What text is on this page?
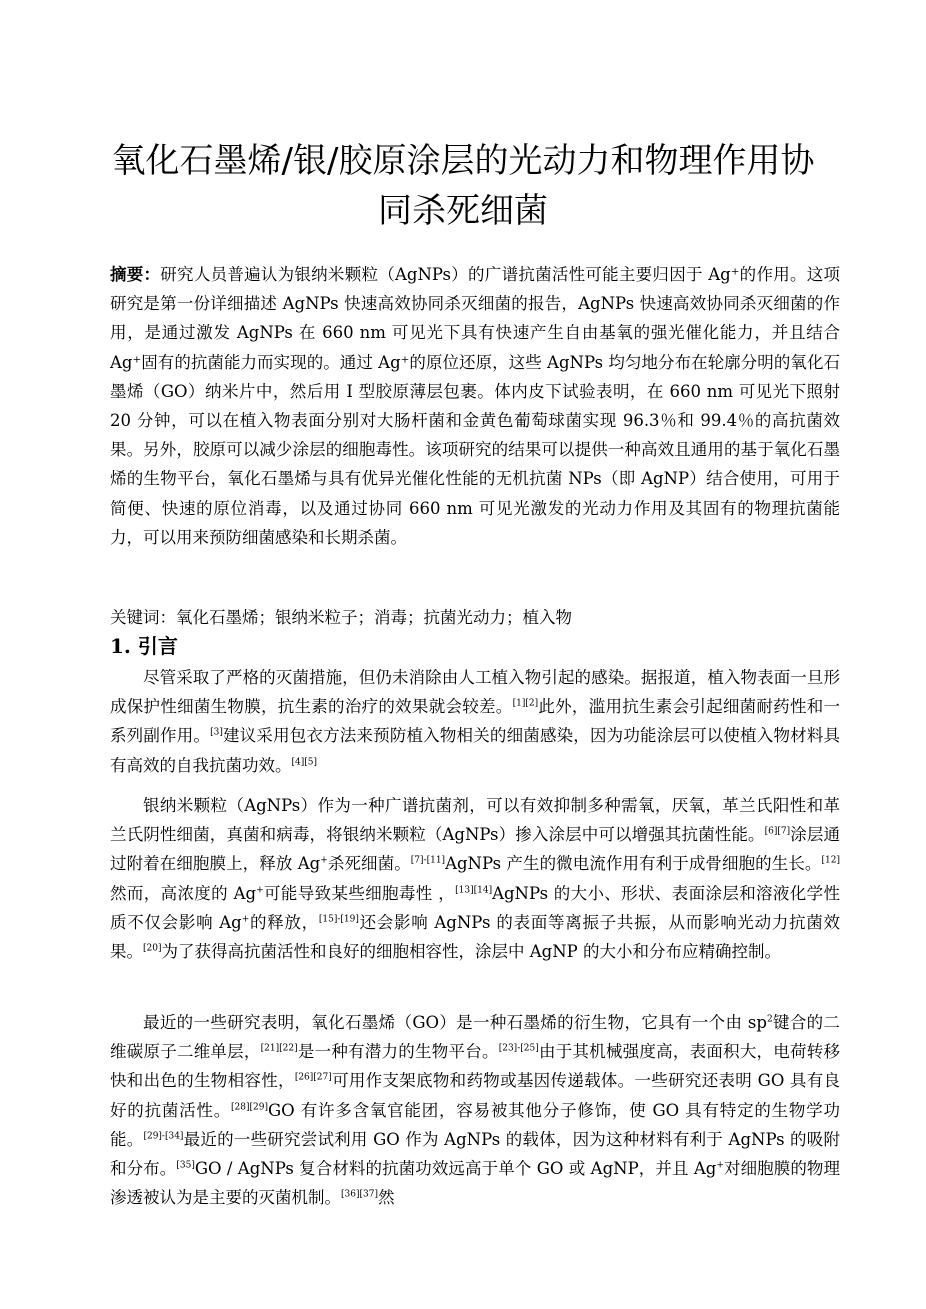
氧化石墨烯/银/胶原涂层的光动力和物理作用协同杀死细菌
摘要：研究人员普遍认为银纳米颗粒（AgNPs）的广谱抗菌活性可能主要归因于 Ag⁺的作用。这项研究是第一份详细描述 AgNPs 快速高效协同杀灭细菌的报告，AgNPs 快速高效协同杀灭细菌的作用，是通过激发 AgNPs 在 660 nm 可见光下具有快速产生自由基氧的强光催化能力，并且结合 Ag⁺固有的抗菌能力而实现的。通过 Ag⁺的原位还原，这些 AgNPs 均匀地分布在轮廓分明的氧化石墨烯（GO）纳米片中，然后用 I 型胶原薄层包裹。体内皮下试验表明，在 660 nm 可见光下照射 20 分钟，可以在植入物表面分别对大肠杆菌和金黄色葡萄球菌实现 96.3％和 99.4％的高抗菌效果。另外，胶原可以减少涂层的细胞毒性。该项研究的结果可以提供一种高效且通用的基于氧化石墨烯的生物平台，氧化石墨烯与具有优异光催化性能的无机抗菌 NPs（即 AgNP）结合使用，可用于简便、快速的原位消毒，以及通过协同 660 nm 可见光激发的光动力作用及其固有的物理抗菌能力，可以用来预防细菌感染和长期杀菌。
关键词：氧化石墨烯；银纳米粒子；消毒；抗菌光动力；植入物
1. 引言
尽管采取了严格的灭菌措施，但仍未消除由人工植入物引起的感染。据报道，植入物表面一旦形成保护性细菌生物膜，抗生素的治疗的效果就会较差。[1][2]此外，滥用抗生素会引起细菌耐药性和一系列副作用。[3]建议采用包衣方法来预防植入物相关的细菌感染，因为功能涂层可以使植入物材料具有高效的自我抗菌功效。[4][5]
银纳米颗粒（AgNPs）作为一种广谱抗菌剂，可以有效抑制多种需氧，厌氧，革兰氏阳性和革兰氏阴性细菌，真菌和病毒，将银纳米颗粒（AgNPs）掺入涂层中可以增强其抗菌性能。[6][7]涂层通过附着在细胞膜上，释放 Ag+杀死细菌。[7]-[11]AgNPs 产生的微电流作用有利于成骨细胞的生长。[12]然而，高浓度的 Ag+可能导致某些细胞毒性 ，[13][14]AgNPs 的大小、形状、表面涂层和溶液化学性质不仅会影响 Ag+的释放，[15]-[19]还会影响 AgNPs 的表面等离振子共振，从而影响光动力抗菌效果。[20]为了获得高抗菌活性和良好的细胞相容性，涂层中 AgNP 的大小和分布应精确控制。
最近的一些研究表明，氧化石墨烯（GO）是一种石墨烯的衍生物，它具有一个由 $sp^2$键合的二维碳原子二维单层，[21][22]是一种有潜力的生物平台。[23]-[25]由于其机械强度高，表面积大，电荷转移快和出色的生物相容性，[26][27]可用作支架底物和药物或基因传递载体。一些研究还表明 GO 具有良好的抗菌活性。[28][29]GO 有许多含氧官能团，容易被其他分子修饰，使 GO 具有特定的生物学功能。[29]-[34]最近的一些研究尝试利用 GO 作为 AgNPs 的载体，因为这种材料有利于 AgNPs 的吸附和分布。[35]GO / AgNPs 复合材料的抗菌功效远高于单个 GO 或 AgNP，并且 Ag+对细胞膜的物理渗透被认为是主要的灭菌机制。[36][37]然
